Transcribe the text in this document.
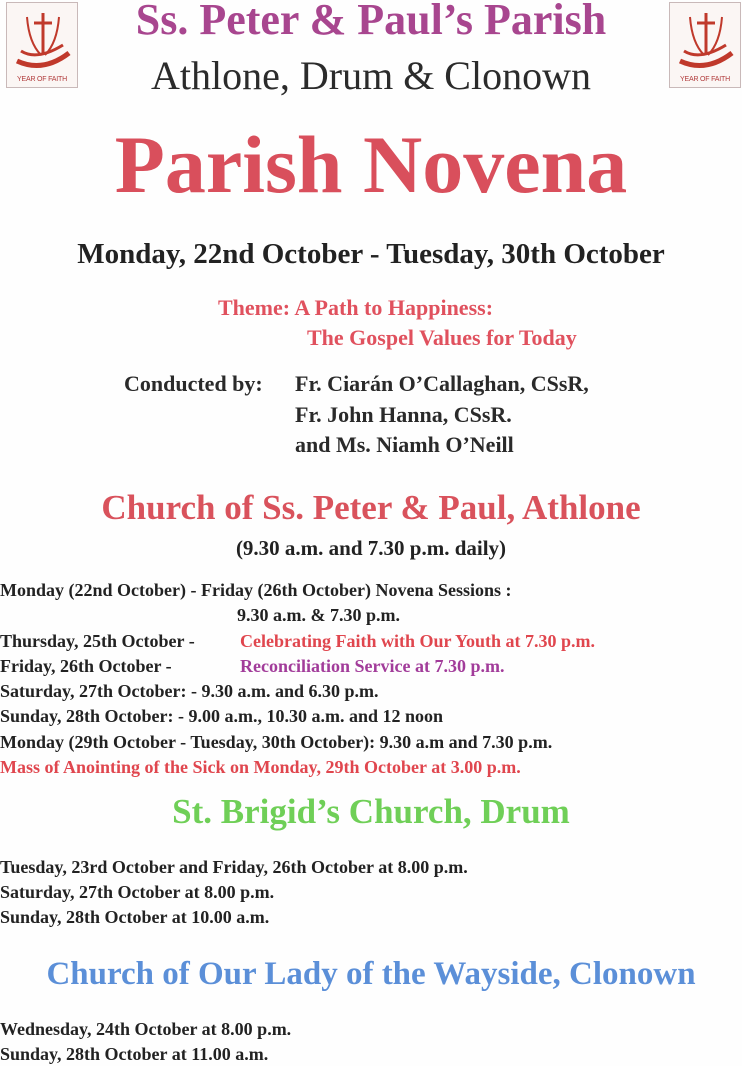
YEAR OF FAITH	YEAR OF FAITH
Ss. Peter & Paul’s Parish
Athlone, Drum & Clonown
Parish Novena
Monday, 22nd October - Tuesday, 30th October
Theme: A Path to Happiness:
The Gospel Values for Today
Conducted by: Fr. Ciarán O’Callaghan, CSsR,
Fr. John Hanna, CSsR.
and Ms. Niamh O’Neill
Church of Ss. Peter & Paul, Athlone
(9.30 a.m. and 7.30 p.m. daily)
Monday (22nd October) - Friday (26th October) Novena Sessions :
9.30 a.m. & 7.30 p.m.
Thursday, 25th October -	Celebrating Faith with Our Youth at 7.30 p.m.
Friday, 26th October -	Reconciliation Service at 7.30 p.m.
Saturday, 27th October: - 9.30 a.m. and 6.30 p.m.
Sunday, 28th October: - 9.00 a.m., 10.30 a.m. and 12 noon
Monday (29th October - Tuesday, 30th October): 9.30 a.m and 7.30 p.m.
Mass of Anointing of the Sick on Monday, 29th October at 3.00 p.m.
St. Brigid’s Church, Drum
Tuesday, 23rd October and Friday, 26th October at 8.00 p.m.
Saturday, 27th October at 8.00 p.m.
Sunday, 28th October at 10.00 a.m.
Church of Our Lady of the Wayside, Clonown
Wednesday, 24th October at 8.00 p.m.
Sunday, 28th October at 11.00 a.m.
